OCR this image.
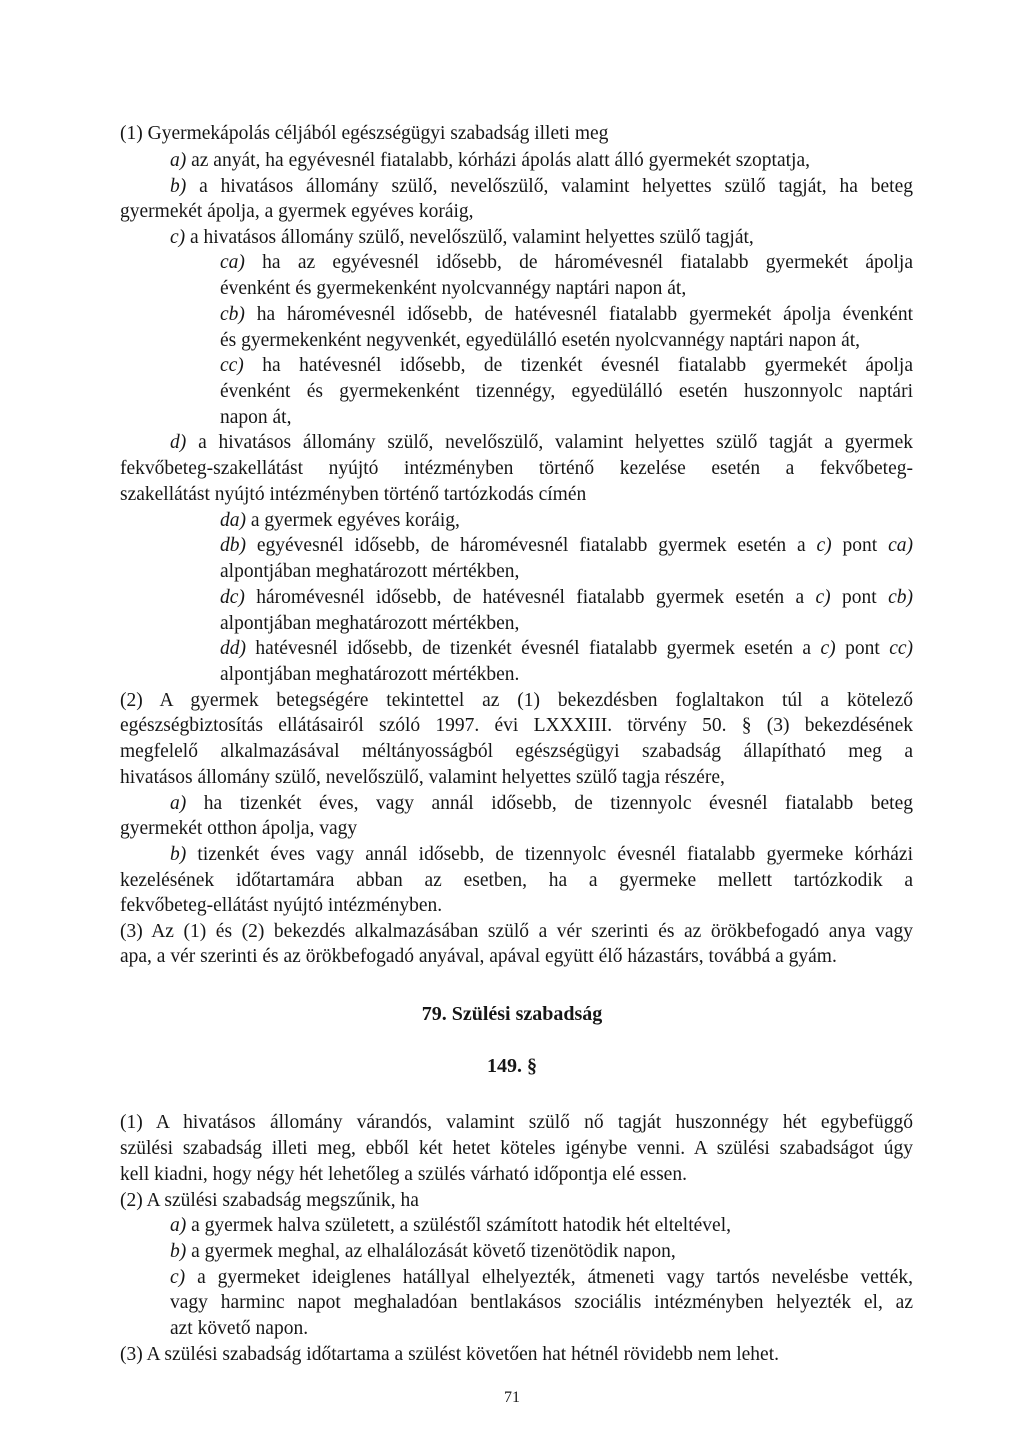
(1) Gyermekápolás céljából egészségügyi szabadság illeti meg
a) az anyát, ha egyévesnél fiatalabb, kórházi ápolás alatt álló gyermekét szoptatja,
b) a hivatásos állomány szülő, nevelőszülő, valamint helyettes szülő tagját, ha beteg
gyermekét ápolja, a gyermek egyéves koráig,
c) a hivatásos állomány szülő, nevelőszülő, valamint helyettes szülő tagját,
ca) ha az egyévesnél idősebb, de háromévesnél fiatalabb gyermekét ápolja
évenként és gyermekenként nyolcvannégy naptári napon át,
cb) ha háromévesnél idősebb, de hatévesnél fiatalabb gyermekét ápolja évenként
és gyermekenként negyvenkét, egyedülálló esetén nyolcvannégy naptári napon át,
cc) ha hatévesnél idősebb, de tizenkét évesnél fiatalabb gyermekét ápolja
évenként és gyermekenként tizennégy, egyedülálló esetén huszonnyolc naptári
napon át,
d) a hivatásos állomány szülő, nevelőszülő, valamint helyettes szülő tagját a gyermek
fekvőbeteg-szakellátást nyújtó intézményben történő kezelése esetén a fekvőbeteg-
szakellátást nyújtó intézményben történő tartózkodás címén
da) a gyermek egyéves koráig,
db) egyévesnél idősebb, de háromévesnél fiatalabb gyermek esetén a c) pont ca)
alpontjában meghatározott mértékben,
dc) háromévesnél idősebb, de hatévesnél fiatalabb gyermek esetén a c) pont cb)
alpontjában meghatározott mértékben,
dd) hatévesnél idősebb, de tizenkét évesnél fiatalabb gyermek esetén a c) pont cc)
alpontjában meghatározott mértékben.
(2) A gyermek betegségére tekintettel az (1) bekezdésben foglaltakon túl a kötelező
egészségbiztosítás ellátásairól szóló 1997. évi LXXXIII. törvény 50. § (3) bekezdésének
megfelelő alkalmazásával méltányosságból egészségügyi szabadság állapítható meg a
hivatásos állomány szülő, nevelőszülő, valamint helyettes szülő tagja részére,
a) ha tizenkét éves, vagy annál idősebb, de tizennyolc évesnél fiatalabb beteg
gyermekét otthon ápolja, vagy
b) tizenkét éves vagy annál idősebb, de tizennyolc évesnél fiatalabb gyermeke kórházi
kezelésének időtartamára abban az esetben, ha a gyermeke mellett tartózkodik a
fekvőbeteg-ellátást nyújtó intézményben.
(3) Az (1) és (2) bekezdés alkalmazásában szülő a vér szerinti és az örökbefogadó anya vagy
apa, a vér szerinti és az örökbefogadó anyával, apával együtt élő házastárs, továbbá a gyám.
79. Szülési szabadság
149. §
(1) A hivatásos állomány várandós, valamint szülő nő tagját huszonnégy hét egybefüggő
szülési szabadság illeti meg, ebből két hetet köteles igénybe venni. A szülési szabadságot úgy
kell kiadni, hogy négy hét lehetőleg a szülés várható időpontja elé essen.
(2) A szülési szabadság megszűnik, ha
a) a gyermek halva született, a szüléstől számított hatodik hét elteltével,
b) a gyermek meghal, az elhalálozását követő tizenötödik napon,
c) a gyermeket ideiglenes hatállyal elhelyezték, átmeneti vagy tartós nevelésbe vették,
vagy harminc napot meghaladóan bentlakásos szociális intézményben helyezték el, az
azt követő napon.
(3) A szülési szabadság időtartama a szülést követően hat hétnél rövidebb nem lehet.
71
